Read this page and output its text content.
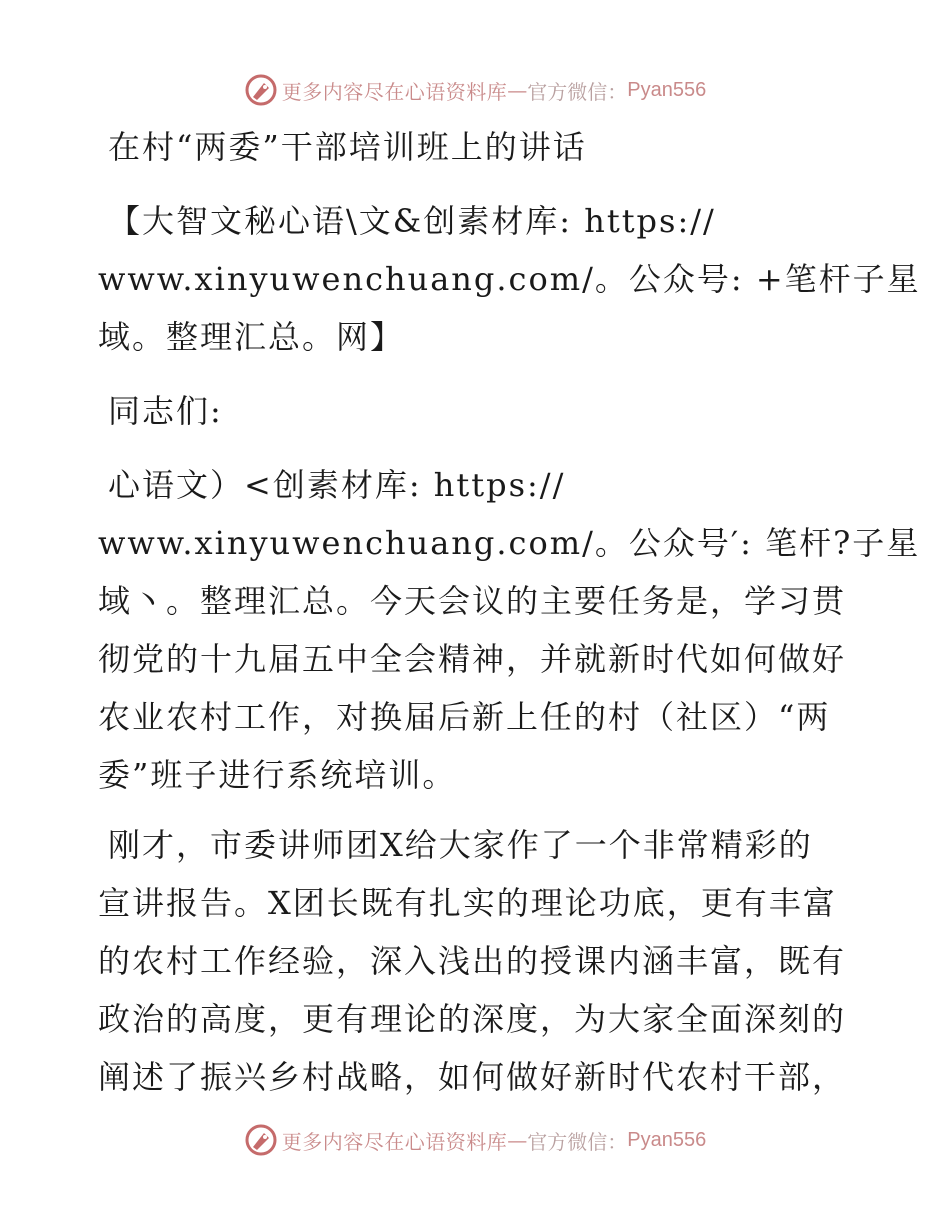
更多内容尽在心语资料库 — 官方微信： Pyan556
在村“两委”干部培训班上的讲话
【大智文秘心语\文&创素材库: https://
www.xinyuwenchuang.com/。公众号: +笔杆子星
域。整理汇总。网】
同志们:
心语文）<创素材库: https://
www.xinyuwenchuang.com/。公众号′: 笔杆?子星
域丶。整理汇总。今天会议的主要任务是，学习贯
彻党的十九届五中全会精神，并就新时代如何做好
农业农村工作，对换届后新上任的村（社区）“两
委”班子进行系统培训。
刚才，市委讲师团X给大家作了一个非常精彩的
宣讲报告。X团长既有扎实的理论功底，更有丰富
的农村工作经验，深入浅出的授课内涵丰富，既有
政治的高度，更有理论的深度，为大家全面深刻的
阐述了振兴乡村战略，如何做好新时代农村干部，
更多内容尽在心语资料库 — 官方微信： Pyan556
